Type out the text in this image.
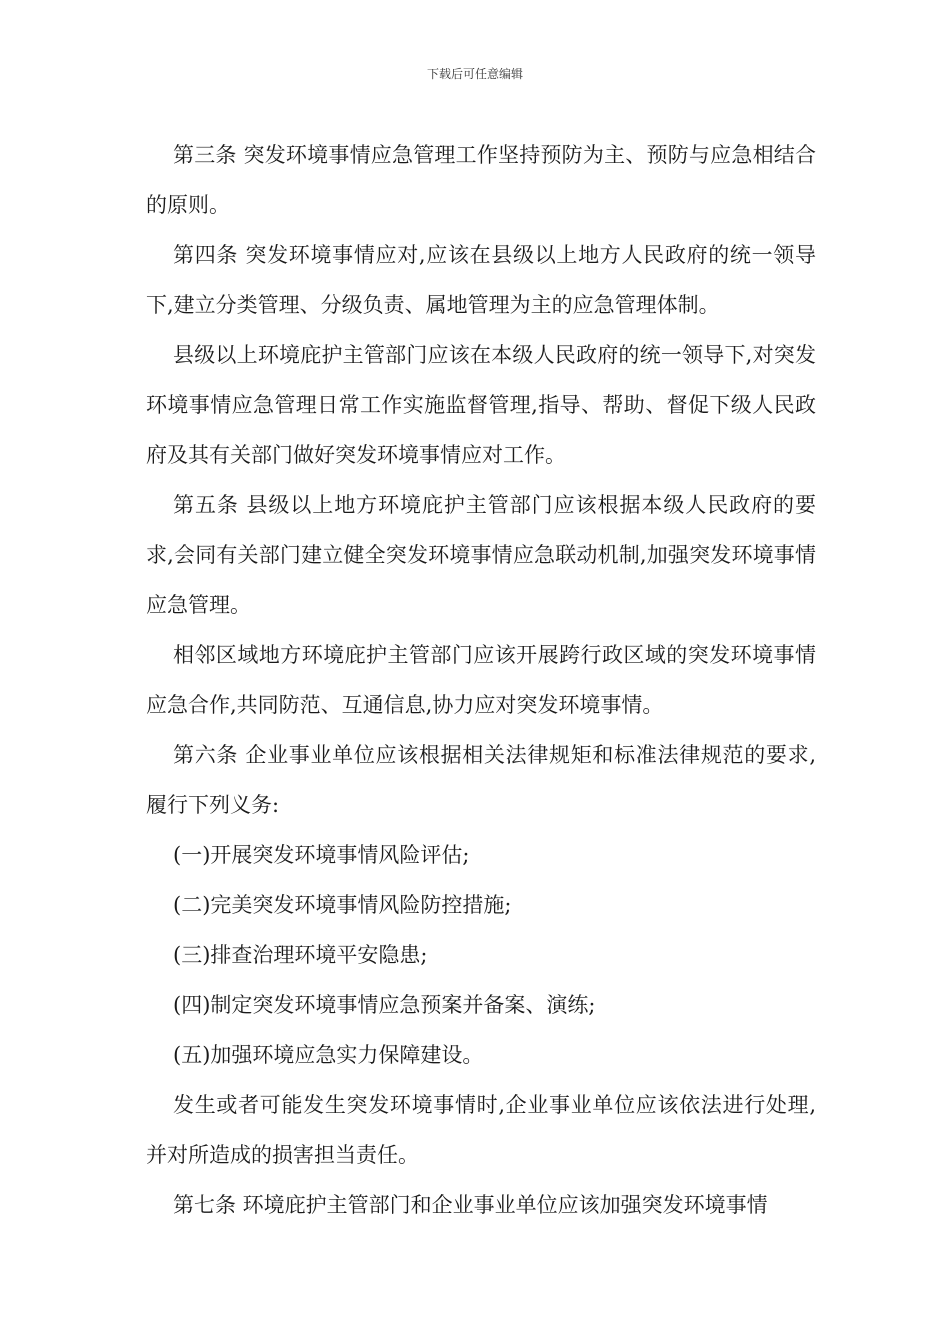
下载后可任意编辑

第三条 突发环境事情应急管理工作坚持预防为主、预防与应急相结合的原则。

第四条 突发环境事情应对,应该在县级以上地方人民政府的统一领导下,建立分类管理、分级负责、属地管理为主的应急管理体制。

县级以上环境庇护主管部门应该在本级人民政府的统一领导下,对突发环境事情应急管理日常工作实施监督管理,指导、帮助、督促下级人民政府及其有关部门做好突发环境事情应对工作。

第五条 县级以上地方环境庇护主管部门应该根据本级人民政府的要求,会同有关部门建立健全突发环境事情应急联动机制,加强突发环境事情应急管理。

相邻区域地方环境庇护主管部门应该开展跨行政区域的突发环境事情应急合作,共同防范、互通信息,协力应对突发环境事情。

第六条 企业事业单位应该根据相关法律规矩和标准法律规范的要求,履行下列义务:

(一)开展突发环境事情风险评估;

(二)完美突发环境事情风险防控措施;

(三)排查治理环境平安隐患;

(四)制定突发环境事情应急预案并备案、演练;

(五)加强环境应急实力保障建设。

发生或者可能发生突发环境事情时,企业事业单位应该依法进行处理,并对所造成的损害担当责任。

第七条 环境庇护主管部门和企业事业单位应该加强突发环境事情
